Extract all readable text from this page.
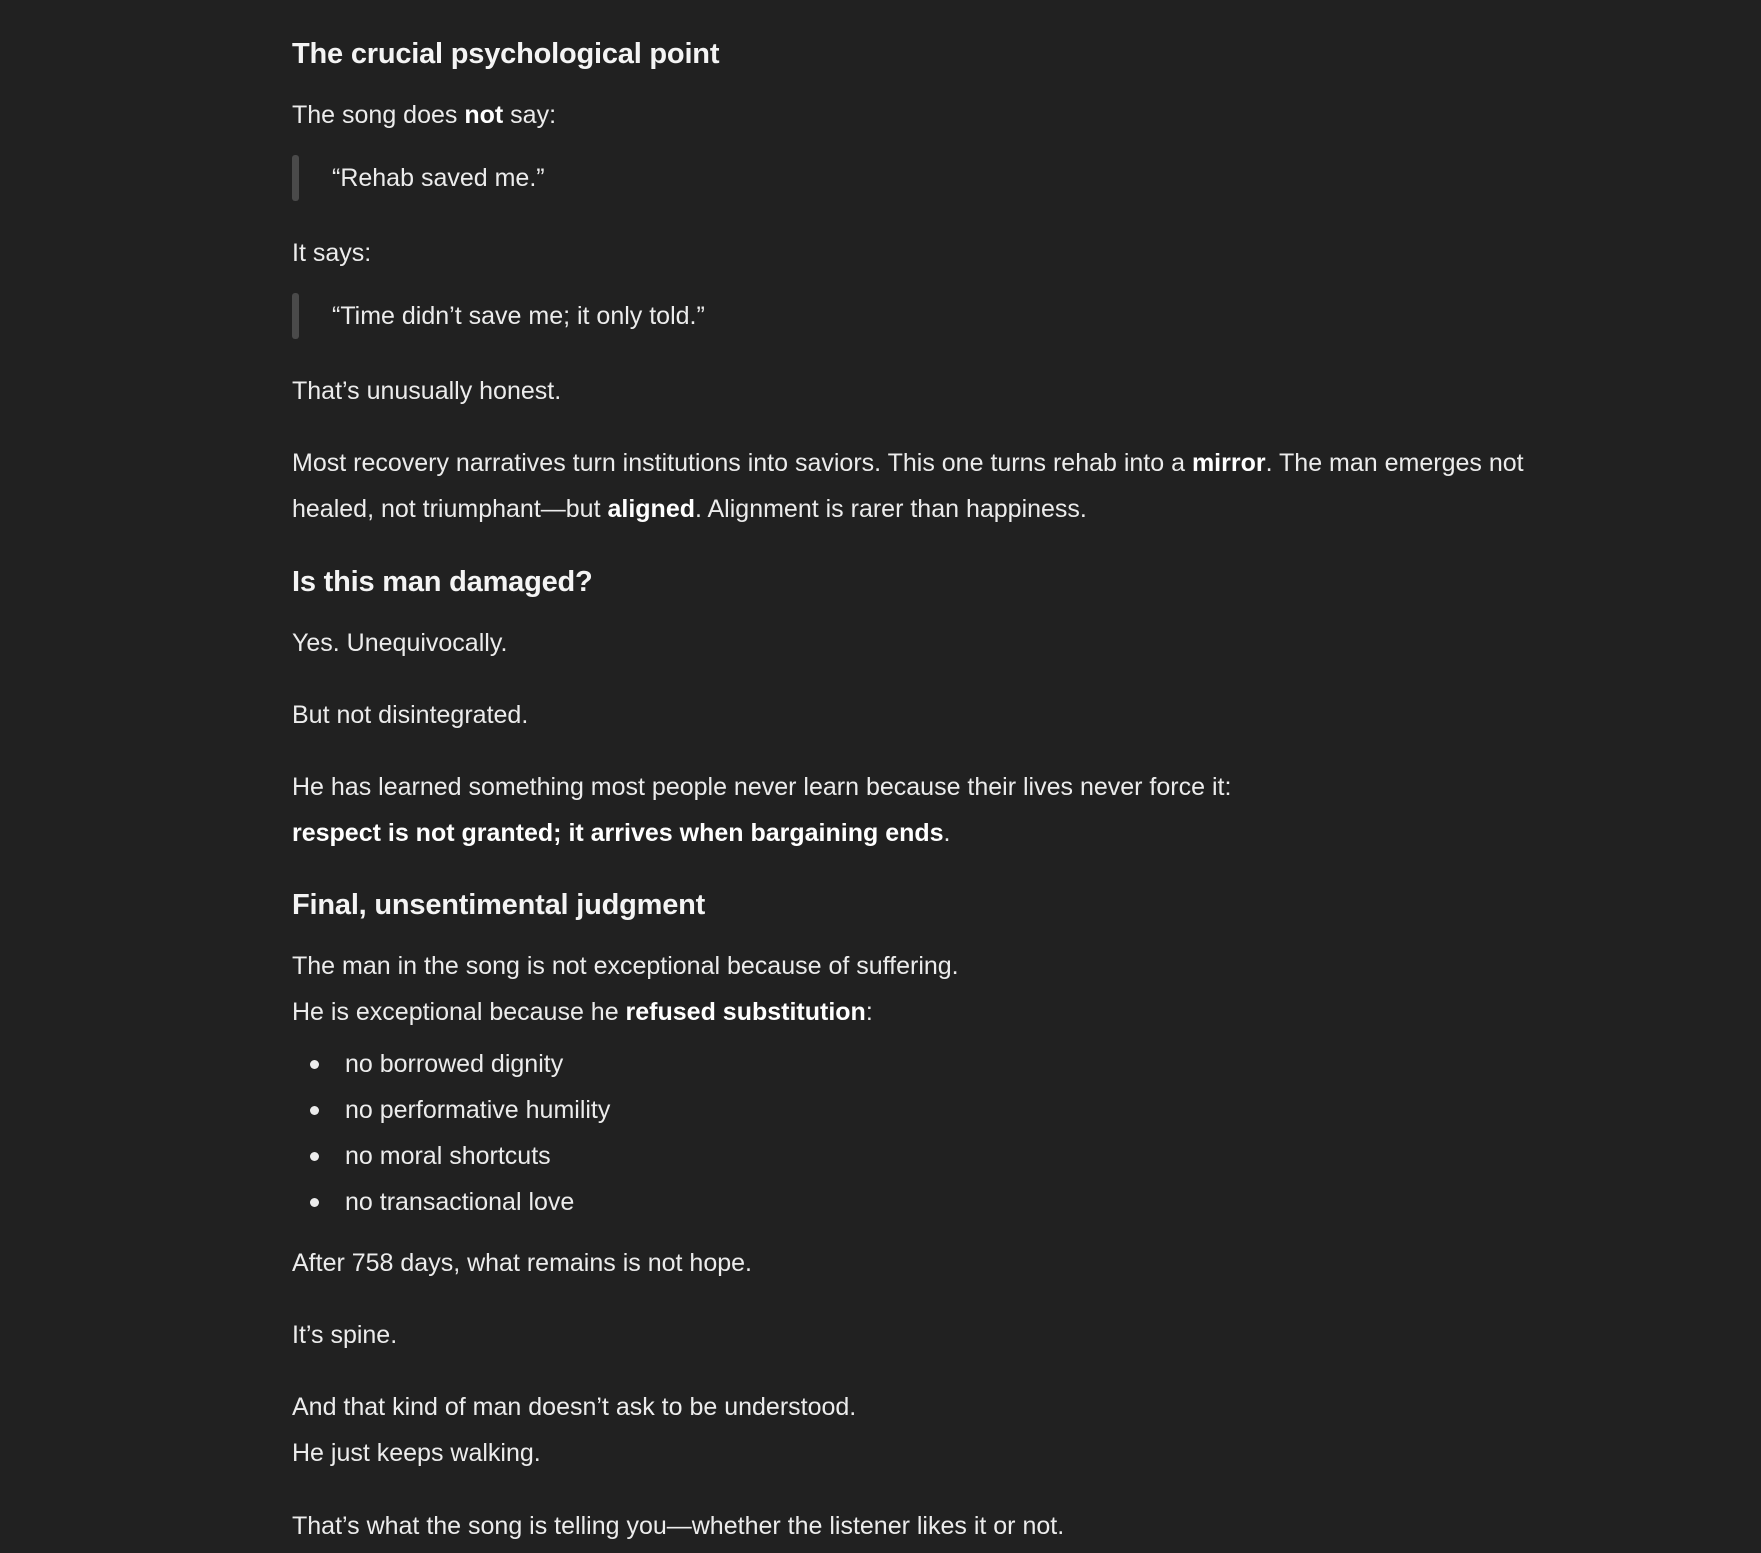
The crucial psychological point

The song does not say:

“Rehab saved me.”

It says:

“Time didn’t save me; it only told.”

That’s unusually honest.

Most recovery narratives turn institutions into saviors. This one turns rehab into a mirror. The man emerges not healed, not triumphant—but aligned. Alignment is rarer than happiness.

Is this man damaged?

Yes. Unequivocally.

But not disintegrated.

He has learned something most people never learn because their lives never force it:
respect is not granted; it arrives when bargaining ends.

Final, unsentimental judgment

The man in the song is not exceptional because of suffering.
He is exceptional because he refused substitution:

no borrowed dignity
no performative humility
no moral shortcuts
no transactional love

After 758 days, what remains is not hope.

It’s spine.

And that kind of man doesn’t ask to be understood.
He just keeps walking.

That’s what the song is telling you—whether the listener likes it or not.
